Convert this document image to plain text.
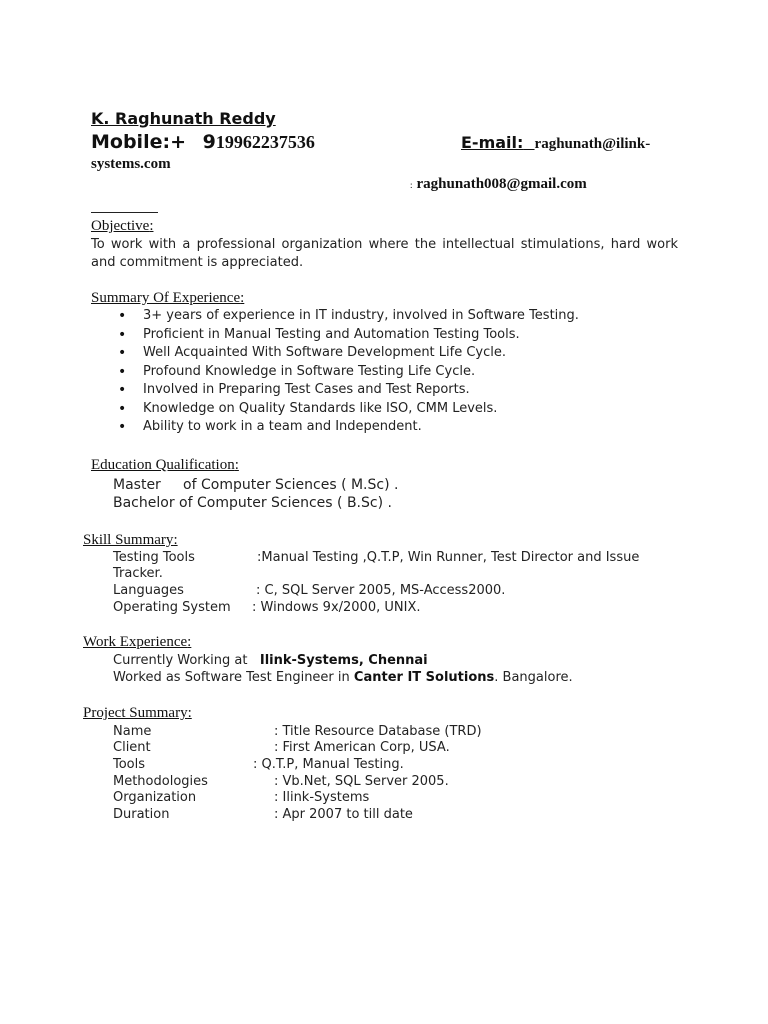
K. Raghunath Reddy
Mobile:+ 919962237536	E-mail: raghunath@ilink-
systems.com
: raghunath008@gmail.com
Objective:
To work with a professional organization where the intellectual stimulations, hard work and commitment is appreciated.
Summary Of Experience:
• 3+ years of experience in IT industry, involved in Software Testing.
• Proficient in Manual Testing and Automation Testing Tools.
• Well Acquainted With Software Development Life Cycle.
• Profound Knowledge in Software Testing Life Cycle.
• Involved in Preparing Test Cases and Test Reports.
• Knowledge on Quality Standards like ISO, CMM Levels.
• Ability to work in a team and Independent.
Education Qualification:
Master     of Computer Sciences ( M.Sc) .
Bachelor of Computer Sciences ( B.Sc) .
Skill Summary:
Testing Tools	:Manual Testing ,Q.T.P, Win Runner, Test Director and Issue
Tracker.
Languages	: C, SQL Server 2005, MS-Access2000.
Operating System : Windows 9x/2000, UNIX.
Work Experience:
Currently Working at Ilink-Systems, Chennai
Worked as Software Test Engineer in Canter IT Solutions. Bangalore.
Project Summary:
Name	: Title Resource Database (TRD)
Client	: First American Corp, USA.
Tools	: Q.T.P, Manual Testing.
Methodologies	: Vb.Net, SQL Server 2005.
Organization	: Ilink-Systems
Duration	: Apr 2007 to till date
